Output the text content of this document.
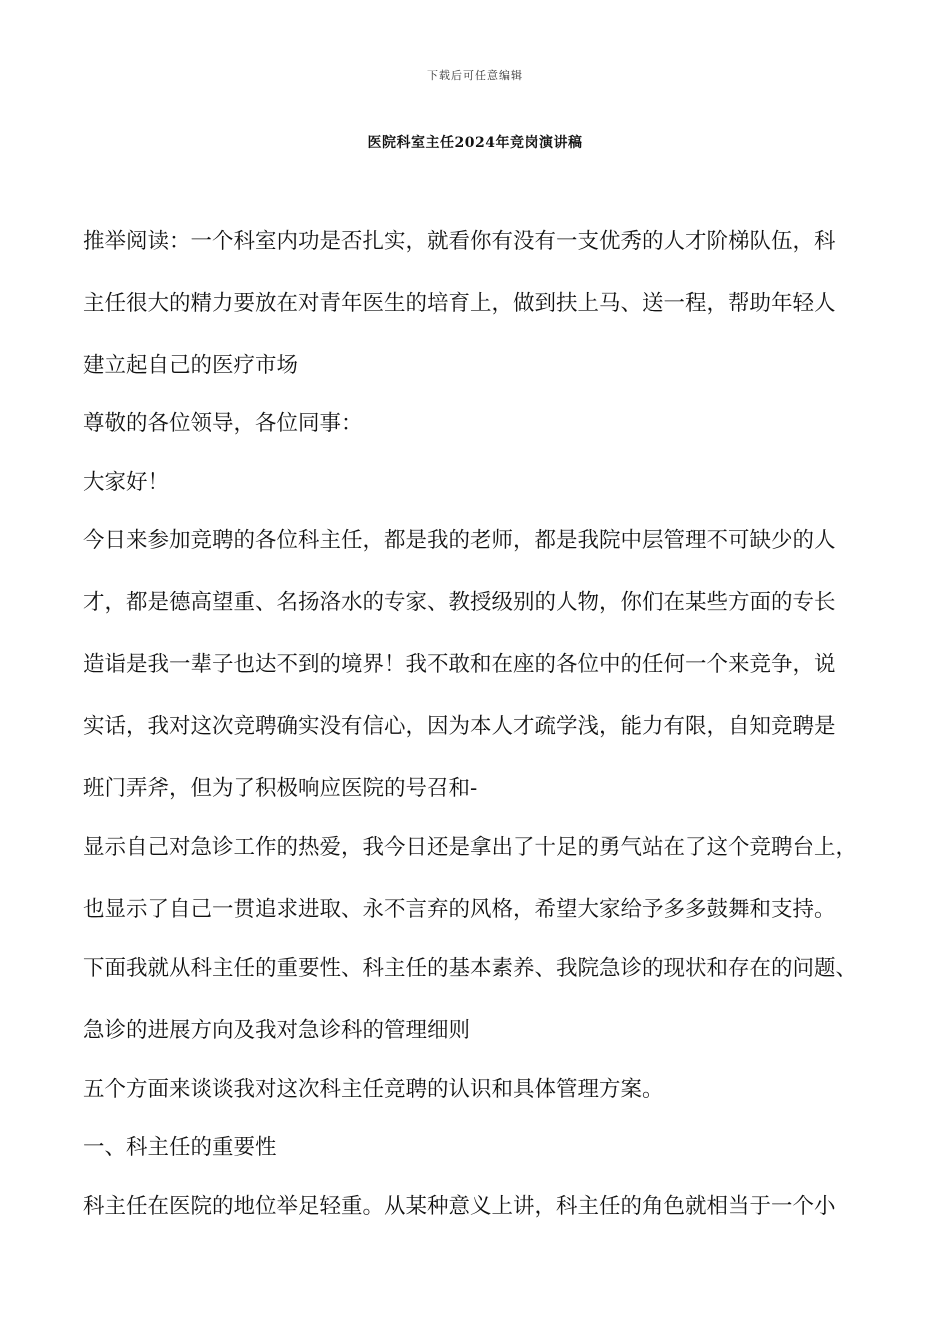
下载后可任意编辑
医院科室主任2024年竞岗演讲稿
推举阅读：一个科室内功是否扎实，就看你有没有一支优秀的人才阶梯队伍，科
主任很大的精力要放在对青年医生的培育上，做到扶上马、送一程，帮助年轻人
建立起自己的医疗市场
尊敬的各位领导，各位同事：
大家好！
今日来参加竞聘的各位科主任，都是我的老师，都是我院中层管理不可缺少的人
才，都是德高望重、名扬洛水的专家、教授级别的人物，你们在某些方面的专长
造诣是我一辈子也达不到的境界！我不敢和在座的各位中的任何一个来竞争，说
实话，我对这次竞聘确实没有信心，因为本人才疏学浅，能力有限，自知竞聘是
班门弄斧，但为了积极响应医院的号召和-
显示自己对急诊工作的热爱，我今日还是拿出了十足的勇气站在了这个竞聘台上，
也显示了自己一贯追求进取、永不言弃的风格，希望大家给予多多鼓舞和支持。
下面我就从科主任的重要性、科主任的基本素养、我院急诊的现状和存在的问题、
急诊的进展方向及我对急诊科的管理细则
五个方面来谈谈我对这次科主任竞聘的认识和具体管理方案。
一、科主任的重要性
科主任在医院的地位举足轻重。从某种意义上讲，科主任的角色就相当于一个小
